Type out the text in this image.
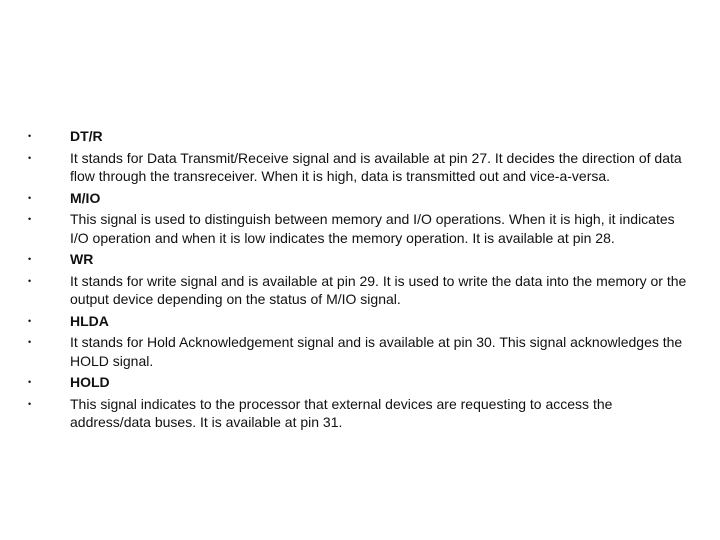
•	DT/R
•	It stands for Data Transmit/Receive signal and is available at pin 27. It decides the direction of data flow through the transreceiver. When it is high, data is transmitted out and vice-a-versa.
•	M/IO
•	This signal is used to distinguish between memory and I/O operations. When it is high, it indicates I/O operation and when it is low indicates the memory operation. It is available at pin 28.
•	WR
•	It stands for write signal and is available at pin 29. It is used to write the data into the memory or the output device depending on the status of M/IO signal.
•	HLDA
•	It stands for Hold Acknowledgement signal and is available at pin 30. This signal acknowledges the HOLD signal.
•	HOLD
•	This signal indicates to the processor that external devices are requesting to access the address/data buses. It is available at pin 31.
